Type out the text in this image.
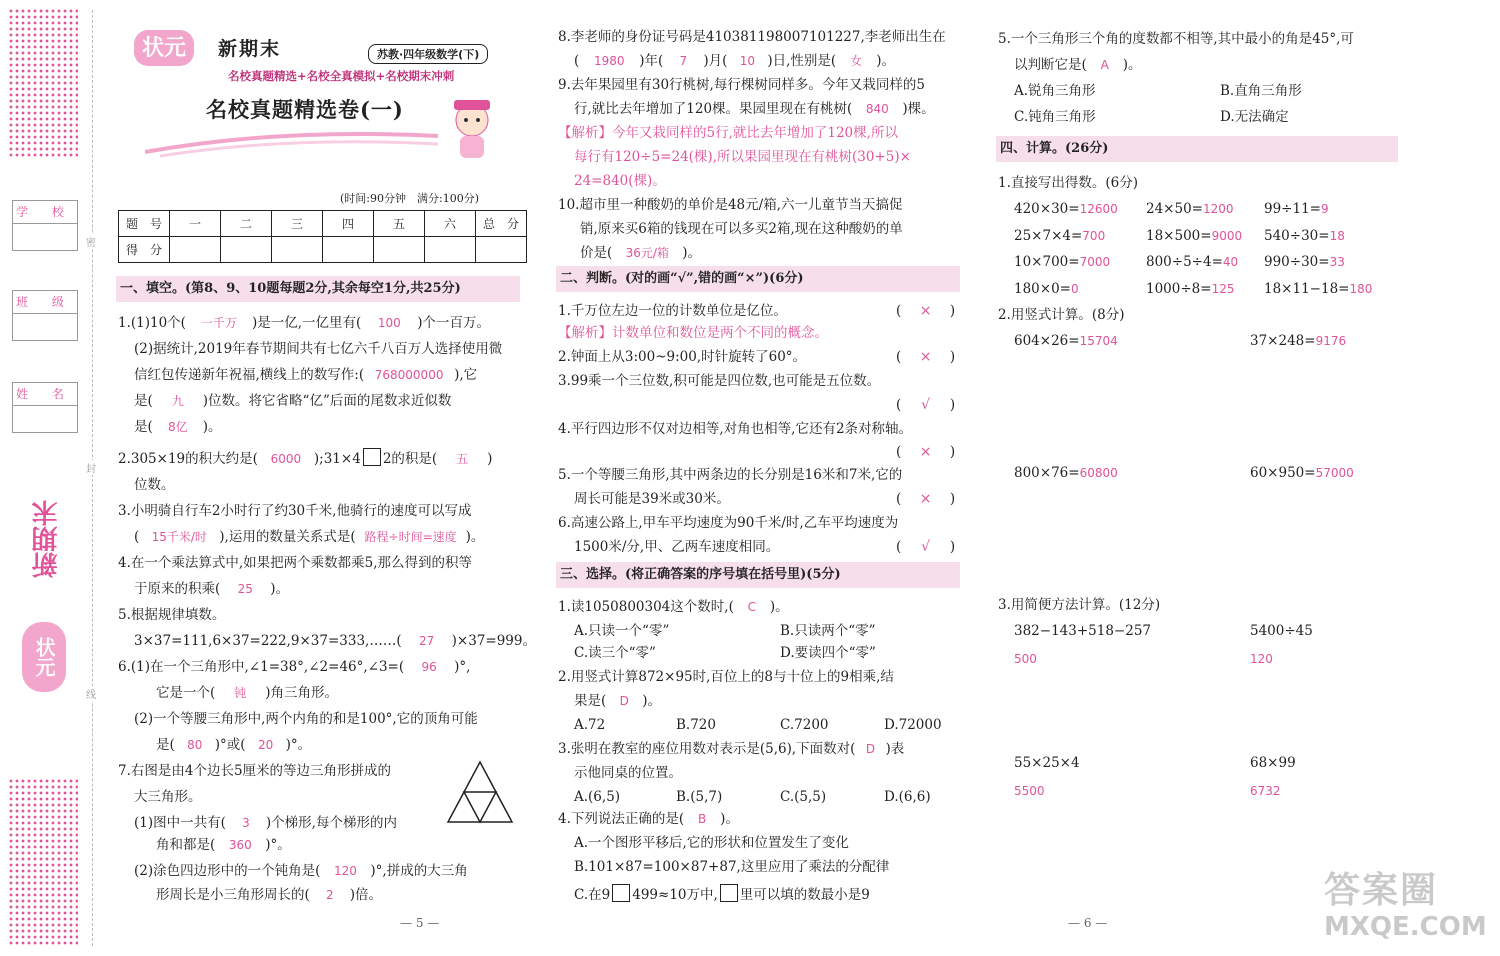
学 校
班 级
姓 名
新期末
状元
密
封
线
状元	新期末	苏教·四年级数学(下)
名校真题精选+名校全真模拟+名校期末冲刺
名校真题精选卷(一)
(时间:90分钟　满分:100分)
题　号	一	二	三	四	五	六	总　分
得　分							
一、填空。(第8、9、10题每题2分,其余每空1分,共25分)
1.(1)10个( 一千万 )是一亿,一亿里有( 100 )个一百万。
(2)据统计,2019年春节期间共有七亿六千八百万人选择使用微
信红包传递新年祝福,横线上的数写作:( 768000000 ),它
是( 九 )位数。将它省略“亿”后面的尾数求近似数
是( 8亿 )。
2.305×19的积大约是( 6000 );31×4 2的积是( 五 )
位数。
3.小明骑自行车2小时行了约30千米,他骑行的速度可以写成
( 15千米/时 ),运用的数量关系式是( 路程÷时间=速度 )。
4.在一个乘法算式中,如果把两个乘数都乘5,那么得到的积等
于原来的积乘( 25 )。
5.根据规律填数。
3×37=111,6×37=222,9×37=333,……( 27 )×37=999。
6.(1)在一个三角形中,∠1=38°,∠2=46°,∠3=( 96 )°,
它是一个( 钝 )角三角形。
(2)一个等腰三角形中,两个内角的和是100°,它的顶角可能
是( 80 )°或( 20 )°。
7.右图是由4个边长5厘米的等边三角形拼成的
大三角形。
(1)图中一共有( 3 )个梯形,每个梯形的内
角和都是( 360 )°。
(2)涂色四边形中的一个钝角是( 120 )°,拼成的大三角
形周长是小三角形周长的( 2 )倍。
— 5 —
8.李老师的身份证号码是410381198007101227,李老师出生在
( 1980 )年( 7 )月( 10 )日,性别是( 女 )。
9.去年果园里有30行桃树,每行棵树同样多。今年又栽同样的5
行,就比去年增加了120棵。果园里现在有桃树( 840 )棵。
【解析】今年又栽同样的5行,就比去年增加了120棵,所以
每行有120÷5=24(棵),所以果园里现在有桃树(30+5)×
24=840(棵)。
10.超市里一种酸奶的单价是48元/箱,六一儿童节当天搞促
销,原来买6箱的钱现在可以多买2箱,现在这种酸奶的单
价是( 36元/箱 )。
二、判断。(对的画“√”,错的画“×”)(6分)
1.千万位左边一位的计数单位是亿位。	( × )
【解析】计数单位和数位是两个不同的概念。
2.钟面上从3:00~9:00,时针旋转了60°。	( × )
3.99乘一个三位数,积可能是四位数,也可能是五位数。
( √ )
4.平行四边形不仅对边相等,对角也相等,它还有2条对称轴。
( × )
5.一个等腰三角形,其中两条边的长分别是16米和7米,它的
周长可能是39米或30米。	( × )
6.高速公路上,甲车平均速度为90千米/时,乙车平均速度为
1500米/分,甲、乙两车速度相同。	( √ )
三、选择。(将正确答案的序号填在括号里)(5分)
1.读1050800304这个数时,( C )。
A.只读一个“零”	B.只读两个“零”
C.读三个“零”	D.要读四个“零”
2.用竖式计算872×95时,百位上的8与十位上的9相乘,结
果是( D )。
A.72	B.720	C.7200	D.72000
3.张明在教室的座位用数对表示是(5,6),下面数对( D )表
示他同桌的位置。
A.(6,5)	B.(5,7)	C.(5,5)	D.(6,6)
4.下列说法正确的是( B )。
A.一个图形平移后,它的形状和位置发生了变化
B.101×87=100×87+87,这里应用了乘法的分配律
C.在9 499≈10万中, 里可以填的数最小是9
5.一个三角形三个角的度数都不相等,其中最小的角是45°,可
以判断它是( A )。
A.锐角三角形	B.直角三角形
C.钝角三角形	D.无法确定
四、计算。(26分)
1.直接写出得数。(6分)
420×30=12600 24×50=1200 99÷11=9
25×7×4=700	18×500=9000 540÷30=18
10×700=7000	800÷5÷4=40 990÷30=33
180×0=0	1000÷8=125 18×11−18=180
2.用竖式计算。(8分)
604×26=15704	37×248=9176
800×76=60800	60×950=57000
3.用简便方法计算。(12分)
382−143+518−257
500
5400÷45
120
55×25×4
5500
68×99
6732
— 6 —
答案圈
MXQE.COM
